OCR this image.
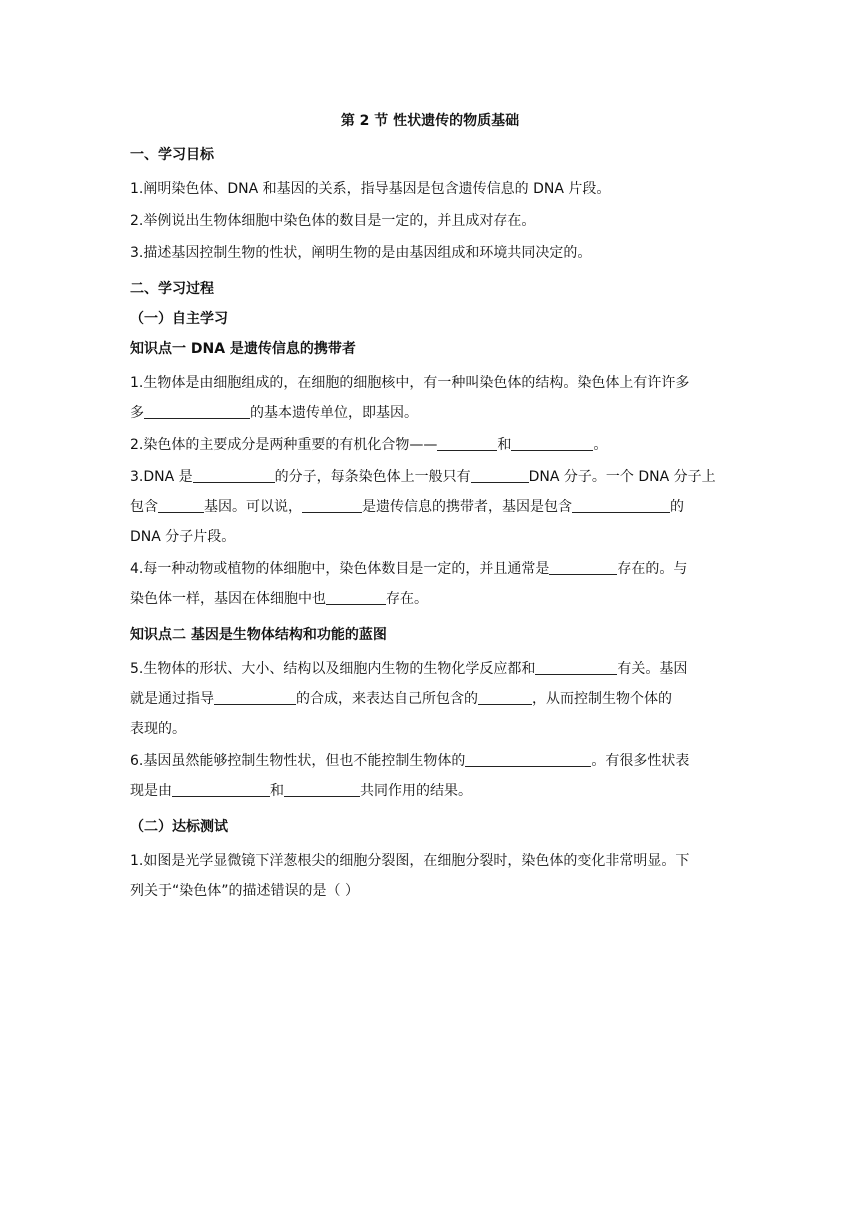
第 2 节 性状遗传的物质基础
一、学习目标
1.阐明染色体、DNA 和基因的关系，指导基因是包含遗传信息的 DNA 片段。
2.举例说出生物体细胞中染色体的数目是一定的，并且成对存在。
3.描述基因控制生物的性状，阐明生物的是由基因组成和环境共同决定的。
二、学习过程
（一）自主学习
知识点一 DNA 是遗传信息的携带者
1.生物体是由细胞组成的，在细胞的细胞核中，有一种叫染色体的结构。染色体上有许许多
多	的基本遗传单位，即基因。
2.染色体的主要成分是两种重要的有机化合物——	和	。
3.DNA 是	的分子，每条染色体上一般只有	DNA 分子。一个 DNA 分子上
包含	基因。可以说，	是遗传信息的携带者，基因是包含	的
DNA 分子片段。
4.每一种动物或植物的体细胞中，染色体数目是一定的，并且通常是	存在的。与
染色体一样，基因在体细胞中也	存在。
知识点二 基因是生物体结构和功能的蓝图
5.生物体的形状、大小、结构以及细胞内生物的生物化学反应都和	有关。基因
就是通过指导	的合成，来表达自己所包含的	，从而控制生物个体的
表现的。
6.基因虽然能够控制生物性状，但也不能控制生物体的	。有很多性状表
现是由	和	共同作用的结果。
（二）达标测试
1.如图是光学显微镜下洋葱根尖的细胞分裂图，在细胞分裂时，染色体的变化非常明显。下
列关于“染色体”的描述错误的是（ ）
